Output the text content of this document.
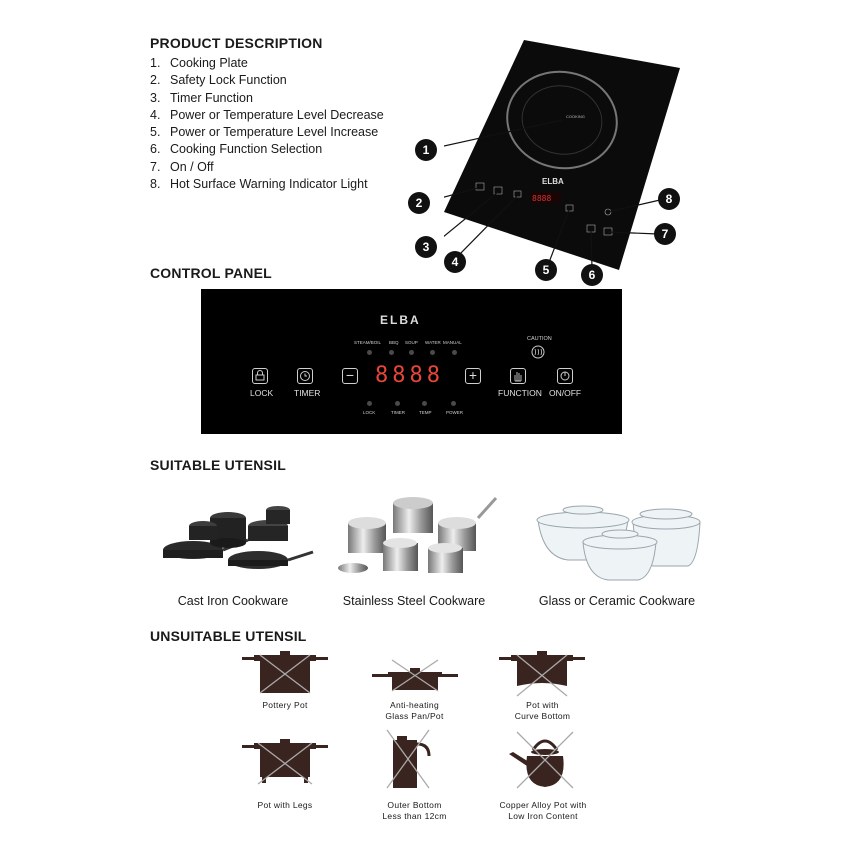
PRODUCT DESCRIPTION
1. Cooking Plate
2. Safety Lock Function
3. Timer Function
4. Power or Temperature Level Decrease
5. Power or Temperature Level Increase
6. Cooking Function Selection
7. On / Off
8. Hot Surface Warning Indicator Light
COOKING
ELBA
8888
1
2
3
4
5	6
7
8
CONTROL PANEL
ELBA
STEAM/BOIL BBQ SOUP WATER MANUAL
CAUTION
LOCK TIMER
− 8888 +
FUNCTION ON/OFF
LOCK	TIMER	TEMP	POWER
SUITABLE UTENSIL
Cast Iron Cookware	Stainless Steel Cookware	Glass or Ceramic Cookware
UNSUITABLE UTENSIL
Pottery Pot	Anti-heating
Glass Pan/Pot
Pot with
Curve Bottom
Pot with Legs	Outer Bottom
Less than 12cm
Copper Alloy Pot with
Low Iron Content
